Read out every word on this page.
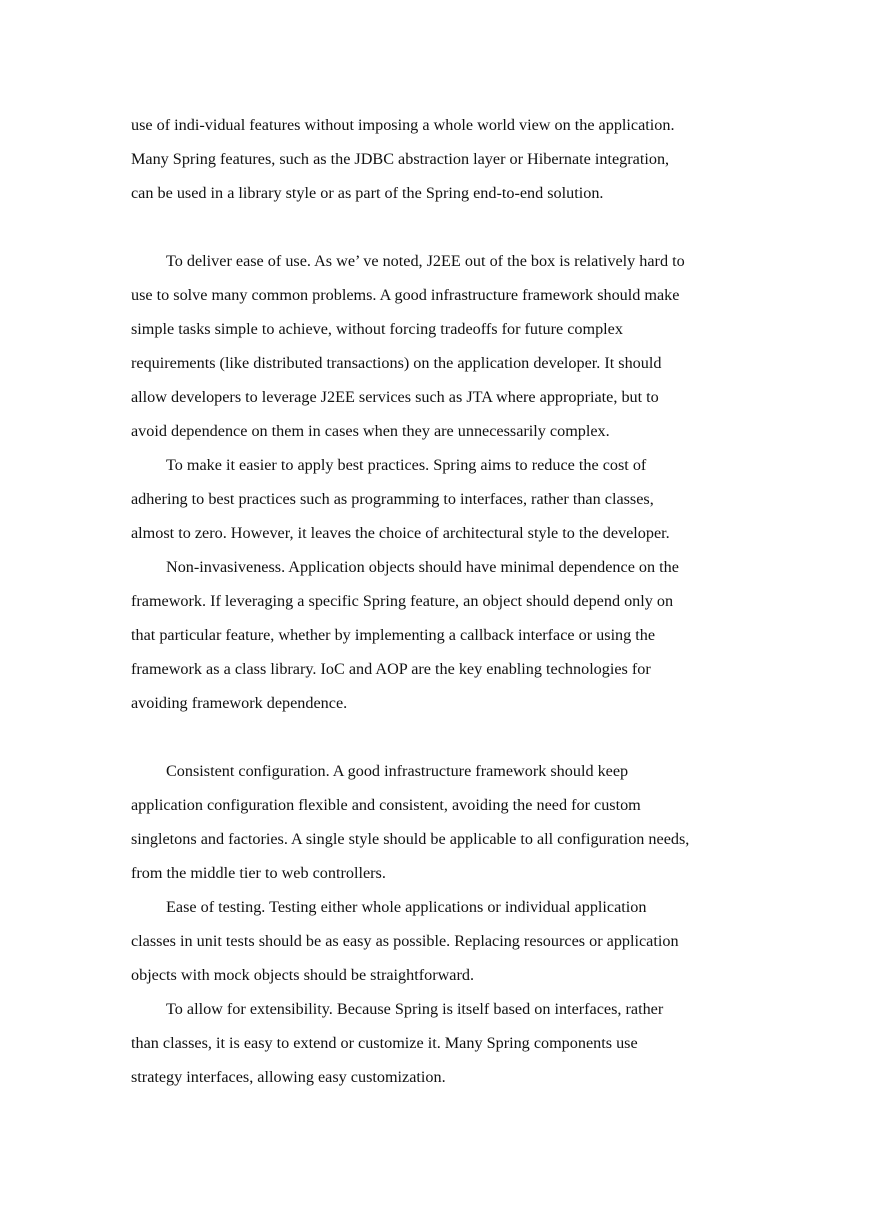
use of indi-vidual features without imposing a whole world view on the application.
Many Spring features, such as the JDBC abstraction layer or Hibernate integration,
can be used in a library style or as part of the Spring end-to-end solution.
To deliver ease of use. As we’ ve noted, J2EE out of the box is relatively hard to
use to solve many common problems. A good infrastructure framework should make
simple tasks simple to achieve, without forcing tradeoffs for future complex
requirements (like distributed transactions) on the application developer. It should
allow developers to leverage J2EE services such as JTA where appropriate, but to
avoid dependence on them in cases when they are unnecessarily complex.
To make it easier to apply best practices. Spring aims to reduce the cost of
adhering to best practices such as programming to interfaces, rather than classes,
almost to zero. However, it leaves the choice of architectural style to the developer.
Non-invasiveness. Application objects should have minimal dependence on the
framework. If leveraging a specific Spring feature, an object should depend only on
that particular feature, whether by implementing a callback interface or using the
framework as a class library. IoC and AOP are the key enabling technologies for
avoiding framework dependence.
Consistent configuration. A good infrastructure framework should keep
application configuration flexible and consistent, avoiding the need for custom
singletons and factories. A single style should be applicable to all configuration needs,
from the middle tier to web controllers.
Ease of testing. Testing either whole applications or individual application
classes in unit tests should be as easy as possible. Replacing resources or application
objects with mock objects should be straightforward.
To allow for extensibility. Because Spring is itself based on interfaces, rather
than classes, it is easy to extend or customize it. Many Spring components use
strategy interfaces, allowing easy customization.
